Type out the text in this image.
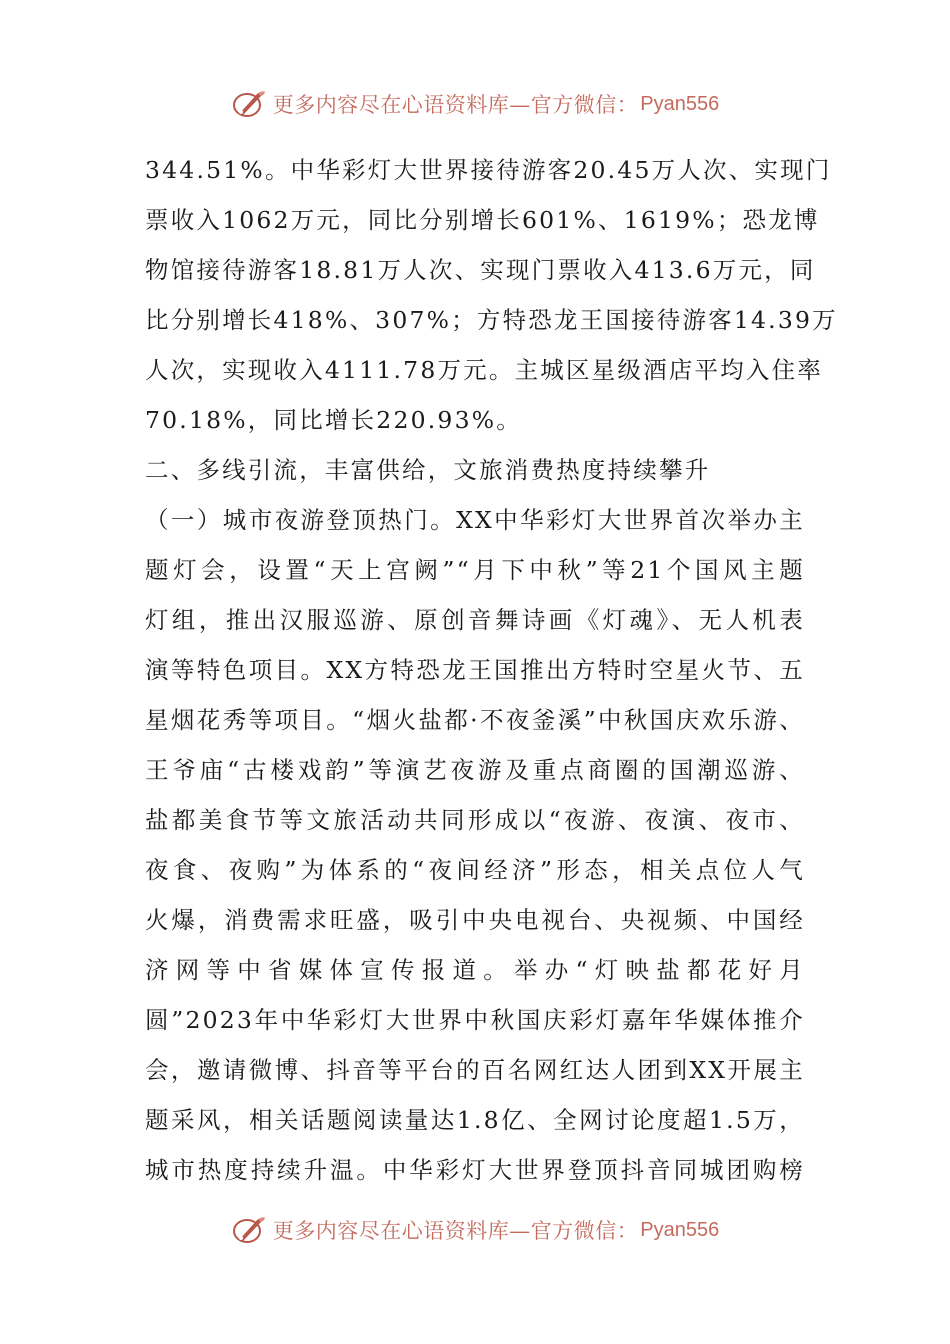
更多内容尽在心语资料库—官方微信： Pyan556
344.51%。中华彩灯大世界接待游客20.45万人次、实现门
票收入1062万元，同比分别增长601%、1619%；恐龙博
物馆接待游客18.81万人次、实现门票收入413.6万元，同
比分别增长418%、307%；方特恐龙王国接待游客14.39万
人次，实现收入4111.78万元。主城区星级酒店平均入住率
70.18%，同比增长220.93%。
二、多线引流，丰富供给，文旅消费热度持续攀升
（一）城市夜游登顶热门。XX中华彩灯大世界首次举办主
题灯会，设置“天上宫阙”“月下中秋”等21个国风主题
灯组，推出汉服巡游、原创音舞诗画《灯魂》、无人机表
演等特色项目。XX方特恐龙王国推出方特时空星火节、五
星烟花秀等项目。“烟火盐都·不夜釜溪”中秋国庆欢乐游、
王爷庙“古楼戏韵”等演艺夜游及重点商圈的国潮巡游、
盐都美食节等文旅活动共同形成以“夜游、夜演、夜市、
夜食、夜购”为体系的“夜间经济”形态，相关点位人气
火爆，消费需求旺盛，吸引中央电视台、央视频、中国经
济网等中省媒体宣传报道。举办“灯映盐都花好月
圆”2023年中华彩灯大世界中秋国庆彩灯嘉年华媒体推介
会，邀请微博、抖音等平台的百名网红达人团到XX开展主
题采风，相关话题阅读量达1.8亿、全网讨论度超1.5万，
城市热度持续升温。中华彩灯大世界登顶抖音同城团购榜
更多内容尽在心语资料库—官方微信： Pyan556
